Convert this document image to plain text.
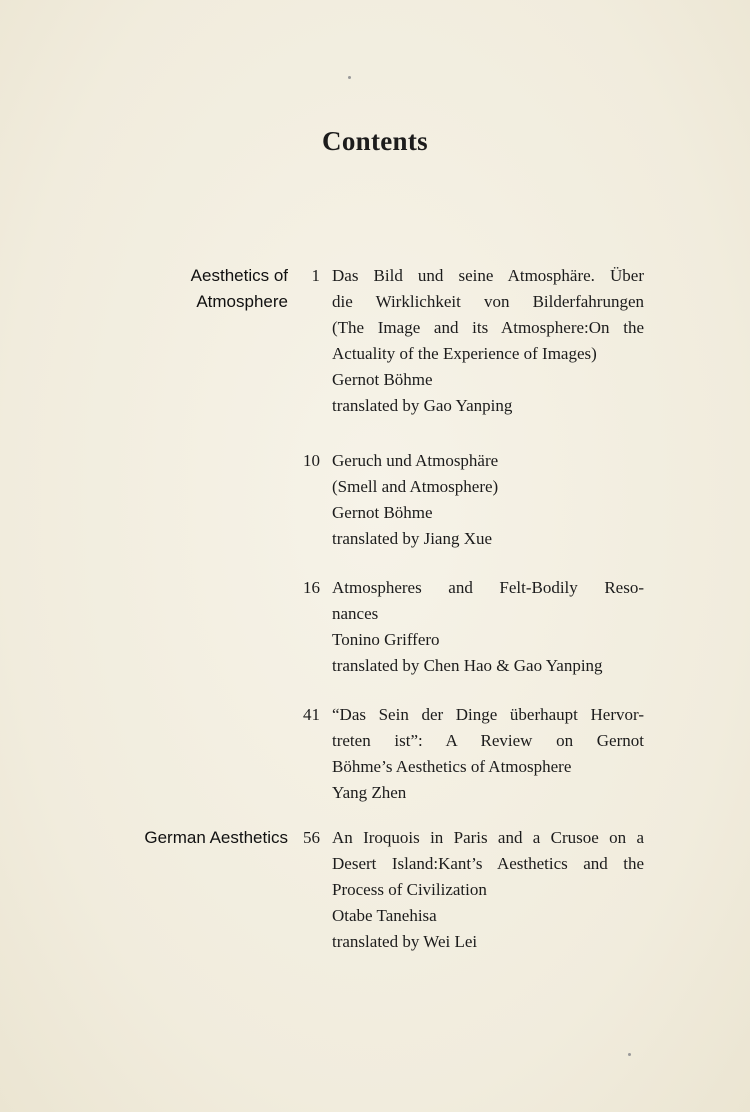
Contents
Aesthetics of
Atmosphere
1 Das Bild und seine Atmosphäre. Über
die Wirklichkeit von Bilderfahrungen
(The Image and its Atmosphere:On the
Actuality of the Experience of Images)
Gernot Böhme
translated by Gao Yanping
10 Geruch und Atmosphäre
(Smell and Atmosphere)
Gernot Böhme
translated by Jiang Xue
16 Atmospheres and Felt-Bodily Reso-
nances
Tonino Griffero
translated by Chen Hao & Gao Yanping
41 “Das Sein der Dinge überhaupt Hervor-
treten ist”: A Review on Gernot
Böhme’s Aesthetics of Atmosphere
Yang Zhen
German Aesthetics 56 An Iroquois in Paris and a Crusoe on a
Desert Island:Kant’s Aesthetics and the
Process of Civilization
Otabe Tanehisa
translated by Wei Lei
